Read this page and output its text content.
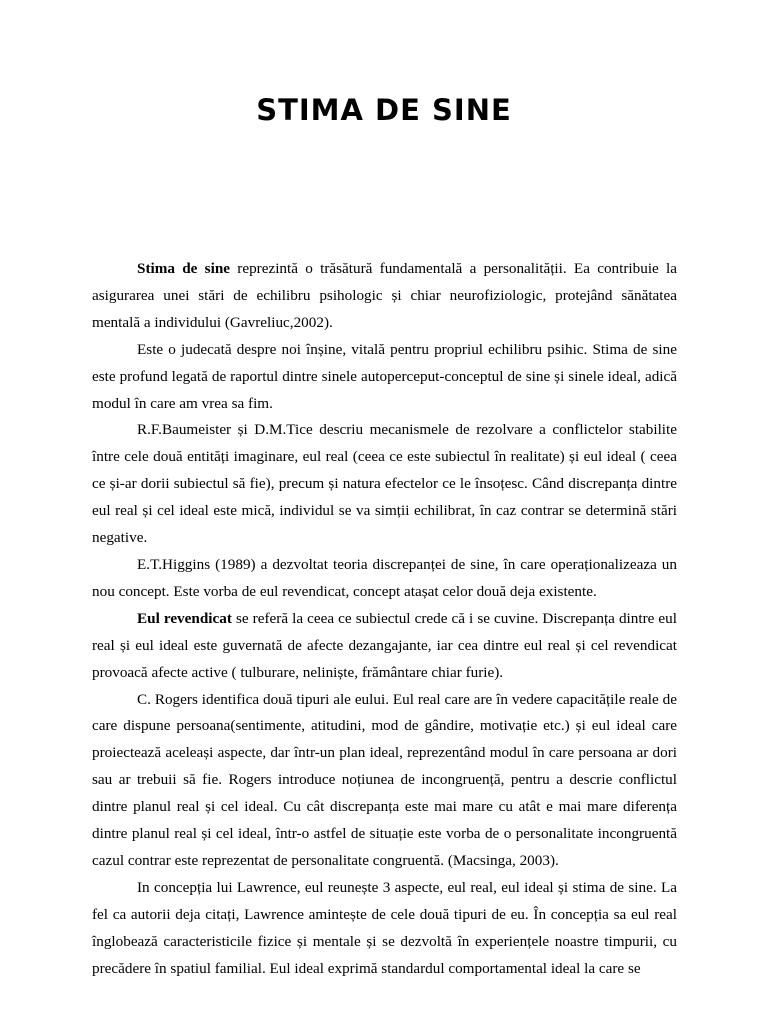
STIMA DE SINE

Stima de sine reprezintă o trăsătură fundamentală a personalității. Ea contribuie la asigurarea unei stări de echilibru psihologic și chiar neurofiziologic, protejând sănătatea mentală a individului (Gavreliuc,2002).

Este o judecată despre noi înșine, vitală pentru propriul echilibru psihic. Stima de sine este profund legată de raportul dintre sinele autoperceput-conceptul de sine și sinele ideal, adică modul în care am vrea sa fim.

R.F.Baumeister și D.M.Tice descriu mecanismele de rezolvare a conflictelor stabilite între cele două entități imaginare, eul real (ceea ce este subiectul în realitate) și eul ideal ( ceea ce și-ar dorii subiectul să fie), precum și natura efectelor ce le însoțesc. Când discrepanța dintre eul real și cel ideal este mică, individul se va simții echilibrat, în caz contrar se determină stări negative.

E.T.Higgins (1989) a dezvoltat teoria discrepanței de sine, în care operaționalizeaza un nou concept. Este vorba de eul revendicat, concept atașat celor două deja existente.

Eul revendicat se referă la ceea ce subiectul crede că i se cuvine. Discrepanța dintre eul real și eul ideal este guvernată de afecte dezangajante, iar cea dintre eul real și cel revendicat provoacă afecte active ( tulburare, neliniște, frământare chiar furie).

C. Rogers identifica două tipuri ale eului. Eul real care are în vedere capacitățile reale de care dispune persoana(sentimente, atitudini, mod de gândire, motivație etc.) și eul ideal care proiectează aceleași aspecte, dar într-un plan ideal, reprezentând modul în care persoana ar dori sau ar trebuii să fie. Rogers introduce noțiunea de incongruență, pentru a descrie conflictul dintre planul real și cel ideal. Cu cât discrepanța este mai mare cu atât e mai mare diferența dintre planul real și cel ideal, într-o astfel de situație este vorba de o personalitate incongruentă cazul contrar este reprezentat de personalitate congruentă. (Macsinga, 2003).

In concepția lui Lawrence, eul reunește 3 aspecte, eul real, eul ideal și stima de sine. La fel ca autorii deja citați, Lawrence amintește de cele două tipuri de eu. În concepția sa eul real înglobează caracteristicile fizice și mentale și se dezvoltă în experiențele noastre timpurii, cu precădere în spatiul familial. Eul ideal exprimă standardul comportamental ideal la care se
